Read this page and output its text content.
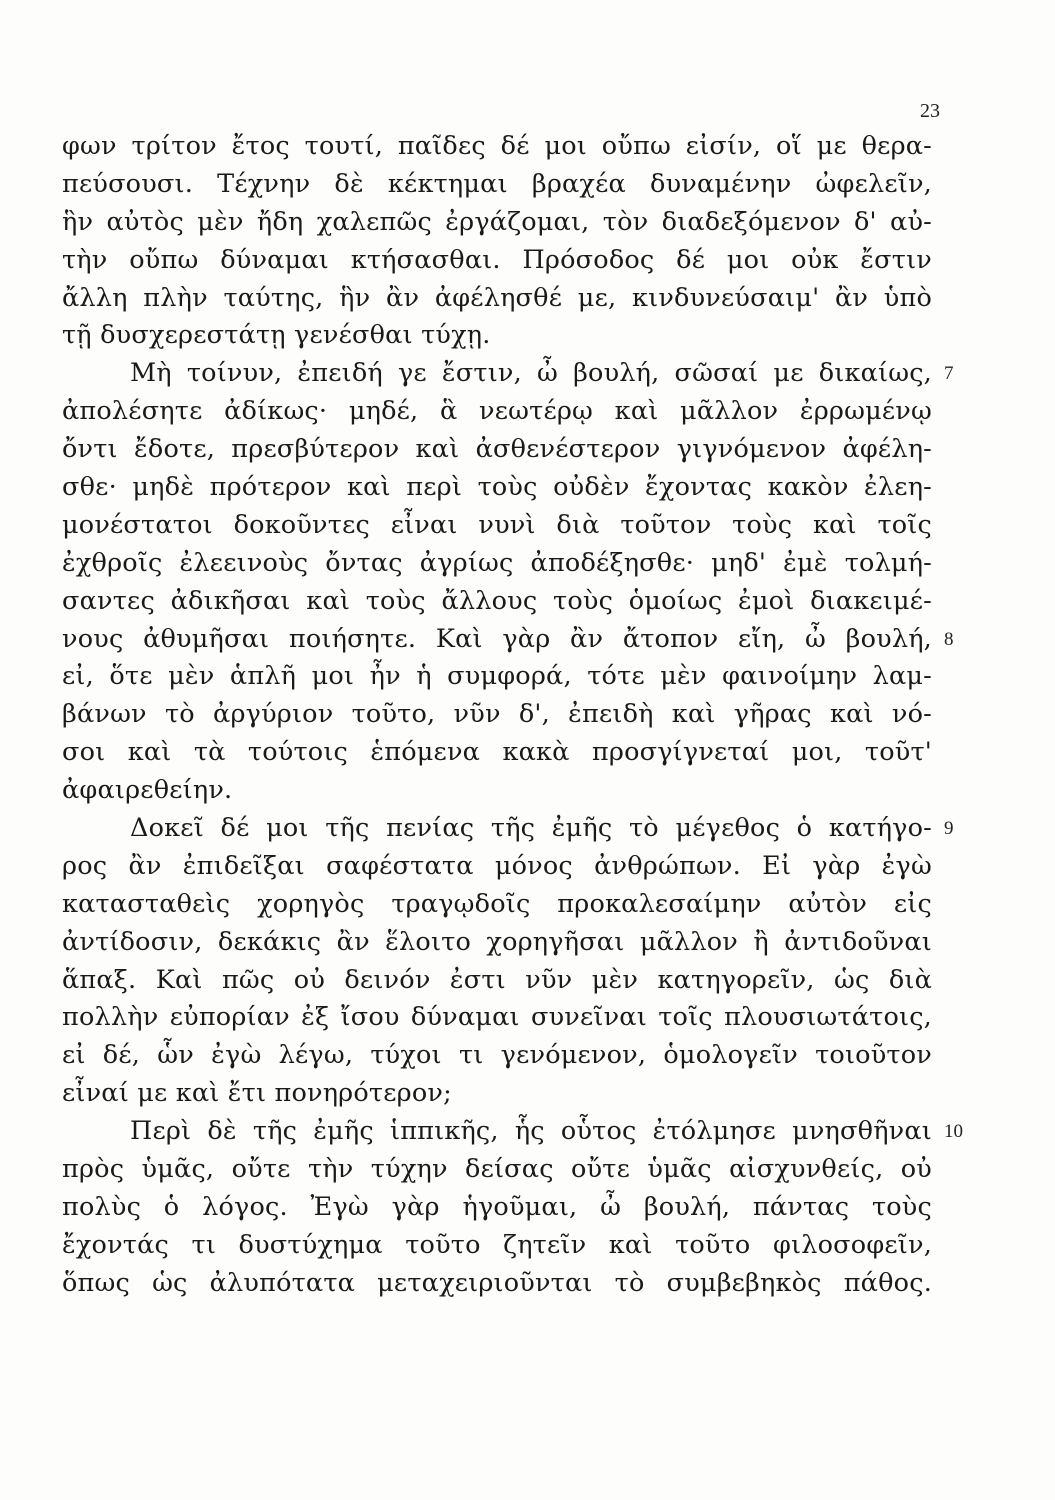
23
φων τρίτον ἔτος τουτί, παῖδες δέ μοι οὔπω εἰσίν, οἵ με θερα-
πεύσουσι. Τέχνην δὲ κέκτημαι βραχέα δυναμένην ὠφελεῖν,
ἣν αὐτὸς μὲν ἤδη χαλεπῶς ἐργάζομαι, τὸν διαδεξόμενον δ' αὐ-
τὴν οὔπω δύναμαι κτήσασθαι. Πρόσοδος δέ μοι οὐκ ἔστιν
ἄλλη πλὴν ταύτης, ἣν ἂν ἀφέλησθέ με, κινδυνεύσαιμ' ἂν ὑπὸ
τῇ δυσχερεστάτῃ γενέσθαι τύχῃ.
Μὴ τοίνυν, ἐπειδή γε ἔστιν, ὦ βουλή, σῶσαί με δικαίως, 7
ἀπολέσητε ἀδίκως· μηδέ, ἃ νεωτέρῳ καὶ μᾶλλον ἐρρωμένῳ
ὄντι ἔδοτε, πρεσβύτερον καὶ ἀσθενέστερον γιγνόμενον ἀφέλη-
σθε· μηδὲ πρότερον καὶ περὶ τοὺς οὐδὲν ἔχοντας κακὸν ἐλεη-
μονέστατοι δοκοῦντες εἶναι νυνὶ διὰ τοῦτον τοὺς καὶ τοῖς
ἐχθροῖς ἐλεεινοὺς ὄντας ἀγρίως ἀποδέξησθε· μηδ' ἐμὲ τολμή-
σαντες ἀδικῆσαι καὶ τοὺς ἄλλους τοὺς ὁμοίως ἐμοὶ διακειμέ-
νους ἀθυμῆσαι ποιήσητε. Καὶ γὰρ ἂν ἄτοπον εἴη, ὦ βουλή, 8
εἰ, ὅτε μὲν ἁπλῆ μοι ἦν ἡ συμφορά, τότε μὲν φαινοίμην λαμ-
βάνων τὸ ἀργύριον τοῦτο, νῦν δ', ἐπειδὴ καὶ γῆρας καὶ νό-
σοι καὶ τὰ τούτοις ἑπόμενα κακὰ προσγίγνεταί μοι, τοῦτ'
ἀφαιρεθείην.
Δοκεῖ δέ μοι τῆς πενίας τῆς ἐμῆς τὸ μέγεθος ὁ κατήγο- 9
ρος ἂν ἐπιδεῖξαι σαφέστατα μόνος ἀνθρώπων. Εἰ γὰρ ἐγὼ
κατασταθεὶς χορηγὸς τραγῳδοῖς προκαλεσαίμην αὐτὸν εἰς
ἀντίδοσιν, δεκάκις ἂν ἕλοιτο χορηγῆσαι μᾶλλον ἢ ἀντιδοῦναι
ἅπαξ. Καὶ πῶς οὐ δεινόν ἐστι νῦν μὲν κατηγορεῖν, ὡς διὰ
πολλὴν εὐπορίαν ἐξ ἴσου δύναμαι συνεῖναι τοῖς πλουσιωτάτοις,
εἰ δέ, ὧν ἐγὼ λέγω, τύχοι τι γενόμενον, ὁμολογεῖν τοιοῦτον
εἶναί με καὶ ἔτι πονηρότερον;
Περὶ δὲ τῆς ἐμῆς ἱππικῆς, ἧς οὗτος ἐτόλμησε μνησθῆναι 10
πρὸς ὑμᾶς, οὔτε τὴν τύχην δείσας οὔτε ὑμᾶς αἰσχυνθείς, οὐ
πολὺς ὁ λόγος. Ἐγὼ γὰρ ἡγοῦμαι, ὦ βουλή, πάντας τοὺς
ἔχοντάς τι δυστύχημα τοῦτο ζητεῖν καὶ τοῦτο φιλοσοφεῖν,
ὅπως ὡς ἀλυπότατα μεταχειριοῦνται τὸ συμβεβηκὸς πάθος.
